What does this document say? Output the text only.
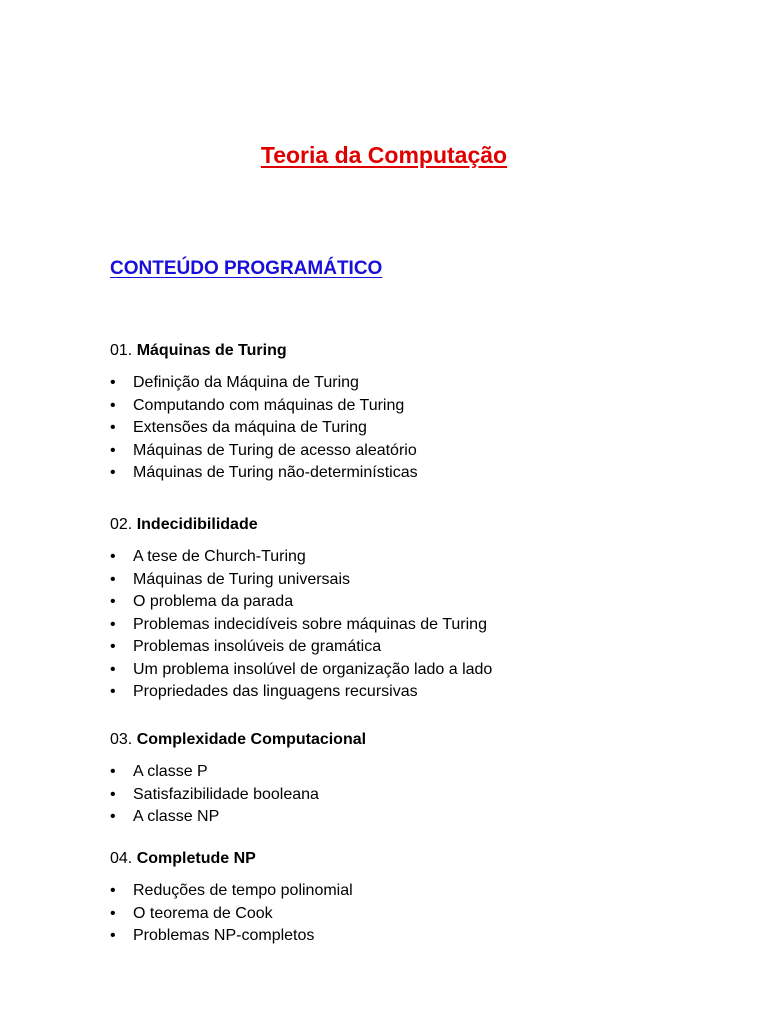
Teoria da Computação
CONTEÚDO PROGRAMÁTICO

01. Máquinas de Turing

• Definição da Máquina de Turing
• Computando com máquinas de Turing
• Extensões da máquina de Turing
• Máquinas de Turing de acesso aleatório
• Máquinas de Turing não-determinísticas

02. Indecidibilidade

• A tese de Church-Turing
• Máquinas de Turing universais
• O problema da parada
• Problemas indecidíveis sobre máquinas de Turing
• Problemas insolúveis de gramática
• Um problema insolúvel de organização lado a lado
• Propriedades das linguagens recursivas

03. Complexidade Computacional

• A classe P
• Satisfazibilidade booleana
• A classe NP

04. Completude NP

• Reduções de tempo polinomial
• O teorema de Cook
• Problemas NP-completos
